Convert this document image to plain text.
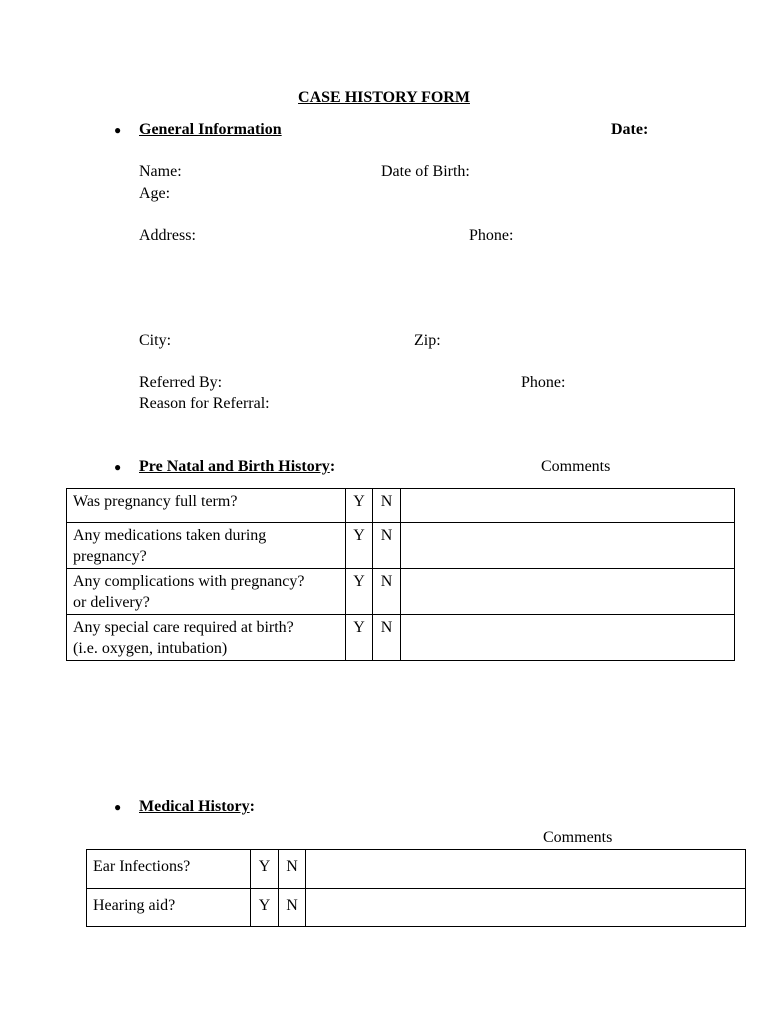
CASE HISTORY FORM
● General Information	Date:
Name:	Date of Birth:
Age:
Address:	Phone:
City:	Zip:
Referred By:	Phone:
Reason for Referral:
● Pre Natal and Birth History:	Comments
Was pregnancy full term?	Y	N	
Any medications taken during
pregnancy?	Y	N	
Any complications with pregnancy?
or delivery?	Y	N	
Any special care required at birth?
(i.e. oxygen, intubation)	Y	N	
● Medical History:
Comments
Ear Infections?	Y	N	
Hearing aid?	Y	N	
